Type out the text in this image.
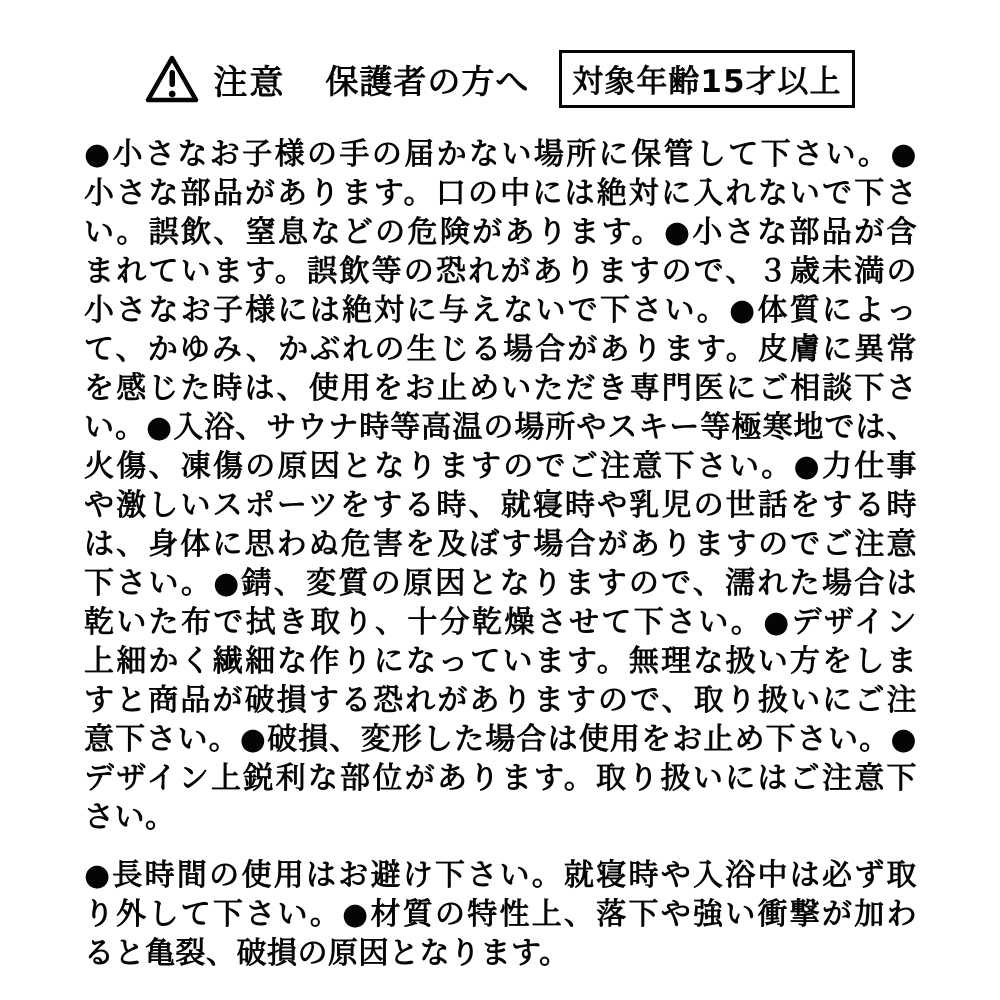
注意 保護者の方へ	対象年齢15才以上
●小さなお子様の手の届かない場所に保管して下さい。●
小さな部品があります。口の中には絶対に入れないで下さ
い。誤飲、窒息などの危険があります。●小さな部品が含
まれています。誤飲等の恐れがありますので、３歳未満の
小さなお子様には絶対に与えないで下さい。●体質によっ
て、かゆみ、かぶれの生じる場合があります。皮膚に異常
を感じた時は、使用をお止めいただき専門医にご相談下さ
い。●入浴、サウナ時等高温の場所やスキー等極寒地では、
火傷、凍傷の原因となりますのでご注意下さい。●力仕事
や激しいスポーツをする時、就寝時や乳児の世話をする時
は、身体に思わぬ危害を及ぼす場合がありますのでご注意
下さい。●錆、変質の原因となりますので、濡れた場合は
乾いた布で拭き取り、十分乾燥させて下さい。●デザイン
上細かく繊細な作りになっています。無理な扱い方をしま
すと商品が破損する恐れがありますので、取り扱いにご注
意下さい。●破損、変形した場合は使用をお止め下さい。●
デザイン上鋭利な部位があります。取り扱いにはご注意下
さい。
●長時間の使用はお避け下さい。就寝時や入浴中は必ず取
り外して下さい。●材質の特性上、落下や強い衝撃が加わ
ると亀裂、破損の原因となります。
